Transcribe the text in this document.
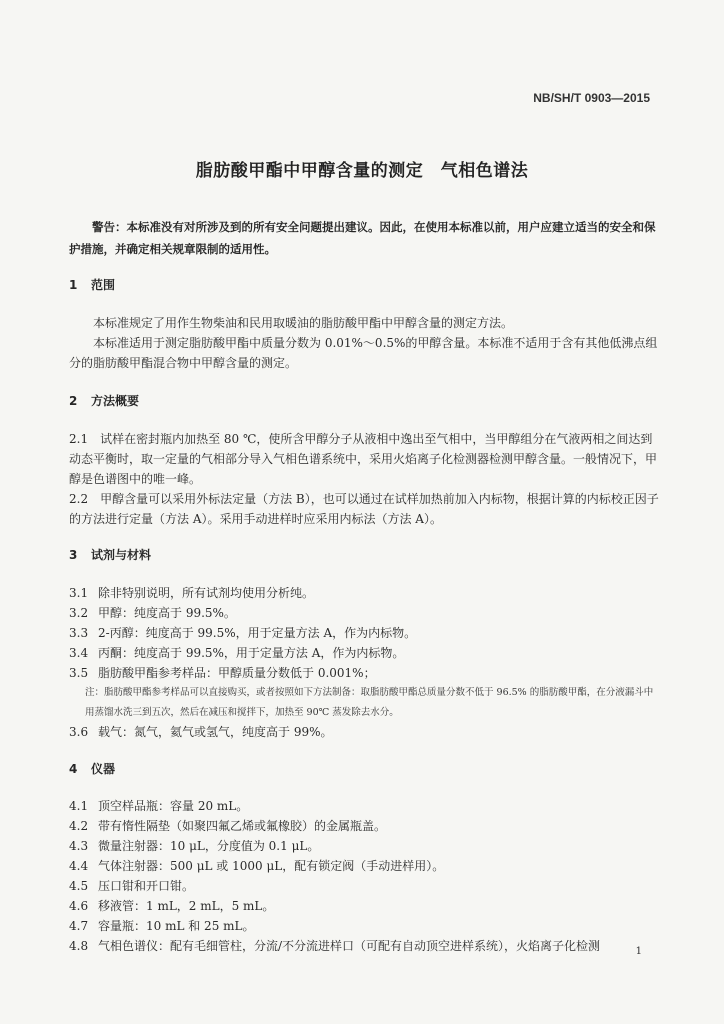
NB/SH/T 0903—2015
脂肪酸甲酯中甲醇含量的测定　气相色谱法
警告：本标准没有对所涉及到的所有安全问题提出建议。因此，在使用本标准以前，用户应建立适当的安全和保护措施，并确定相关规章限制的适用性。
1 范围
本标准规定了用作生物柴油和民用取暖油的脂肪酸甲酯中甲醇含量的测定方法。
本标准适用于测定脂肪酸甲酯中质量分数为 0.01%～0.5%的甲醇含量。本标准不适用于含有其他低沸点组分的脂肪酸甲酯混合物中甲醇含量的测定。
2 方法概要
2.1　试样在密封瓶内加热至 80 ℃，使所含甲醇分子从液相中逸出至气相中，当甲醇组分在气液两相之间达到动态平衡时，取一定量的气相部分导入气相色谱系统中，采用火焰离子化检测器检测甲醇含量。一般情况下，甲醇是色谱图中的唯一峰。
2.2　甲醇含量可以采用外标法定量（方法 B），也可以通过在试样加热前加入内标物，根据计算的内标校正因子的方法进行定量（方法 A）。采用手动进样时应采用内标法（方法 A）。
3 试剂与材料
3.1 除非特别说明，所有试剂均使用分析纯。
3.2 甲醇：纯度高于 99.5%。
3.3 2-丙醇：纯度高于 99.5%，用于定量方法 A，作为内标物。
3.4 丙酮：纯度高于 99.5%，用于定量方法 A，作为内标物。
3.5 脂肪酸甲酯参考样品：甲醇质量分数低于 0.001%；
注：脂肪酸甲酯参考样品可以直接购买，或者按照如下方法制备：取脂肪酸甲酯总质量分数不低于 96.5% 的脂肪酸甲酯，在分液漏斗中用蒸馏水洗三到五次，然后在减压和搅拌下，加热至 90℃ 蒸发除去水分。
3.6 载气：氮气，氦气或氢气，纯度高于 99%。
4 仪器
4.1 顶空样品瓶：容量 20 mL。
4.2 带有惰性隔垫（如聚四氟乙烯或氟橡胶）的金属瓶盖。
4.3 微量注射器：10 μL，分度值为 0.1 μL。
4.4 气体注射器：500 μL 或 1000 μL，配有锁定阀（手动进样用）。
4.5 压口钳和开口钳。
4.6 移液管：1 mL，2 mL，5 mL。
4.7 容量瓶：10 mL 和 25 mL。
4.8 气相色谱仪：配有毛细管柱，分流/不分流进样口（可配有自动顶空进样系统），火焰离子化检测	1
